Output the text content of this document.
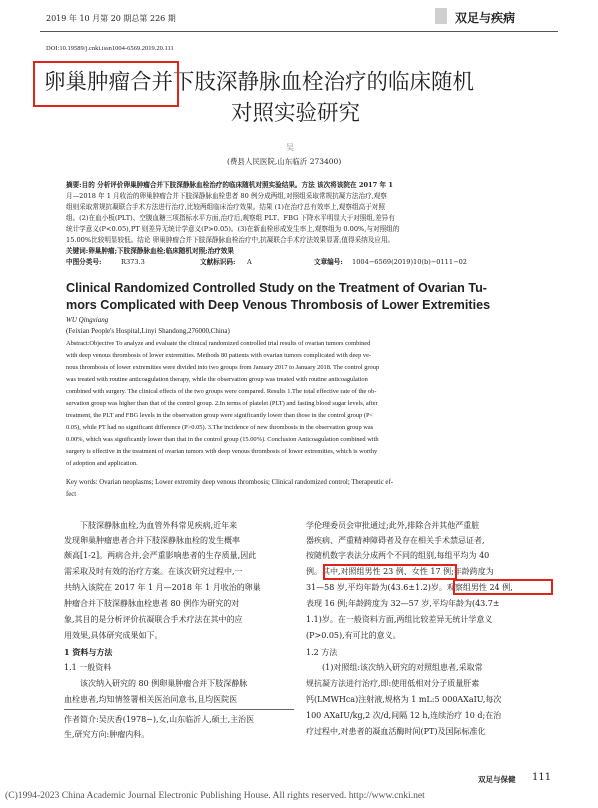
2019 年 10 月第 20 期总第 226 期	双足与疾病
DOI:10.19589/j.cnki.issn1004-6569.2019.20.111
卵巢肿瘤合并下肢深静脉血栓治疗的临床随机
对照实验研究
吴
(费县人民医院,山东临沂 273400)
摘要:目的 分析评价卵巢肿瘤合并下肢深静脉血栓治疗的临床随机对照实验结果。方法 该次将该院在 2017 年 1
月—2018 年 1 月收治的卵巢肿瘤合并下肢深静脉血栓患者 80 例分成两组,对照组采取常规抗凝方法治疗,观察
组则采取常规抗凝联合手术方法进行治疗,比较两组临床治疗效果。结果 (1)在治疗总有效率上,观察组高于对照
组。(2)在血小板(PLT)、空腹血糖三项指标水平方面,治疗后,观察组 PLT、FBG 下降水平明显大于对照组,差异有
统计学意义(P<0.05),PT 则差异无统计学意义(P>0.05)。(3)在新血栓形成发生率上,观察组为 0.00%,与对照组的
15.00%比较明显较低。结论 卵巢肿瘤合并下肢深静脉血栓治疗中,抗凝联合手术疗法效果显著,值得采纳及应用。
关键词:卵巢肿瘤;下肢深静脉血栓;临床随机对照;治疗效果
中图分类号:	R373.3	文献标识码: A	文章编号: 1004−6569(2019)10(b)−0111−02
Clinical Randomized Controlled Study on the Treatment of Ovarian Tu-
mors Complicated with Deep Venous Thrombosis of Lower Extremities
WU Qingxiang
(Feixian People's Hospital,Linyi Shandong,276000,China)
Abstract:Objective To analyze and evaluate the clinical randomized controlled trial results of ovarian tumors combined
with deep venous thrombosis of lower extremities. Methods 80 patients with ovarian tumors complicated with deep ve-
nous thrombosis of lower extremities were divided into two groups from January 2017 to January 2018. The control group
was treated with routine anticoagulation therapy, while the observation group was treated with routine anticoagulation
combined with surgery. The clinical effects of the two groups were compared. Results 1.The total effective rate of the ob-
servation group was higher than that of the control group. 2.In terms of platelet (PLT) and fasting blood sugar levels, after
treatment, the PLT and FBG levels in the observation group were significantly lower than those in the control group (P<
0.05), while PT had no significant difference (P>0.05). 3.The incidence of new thrombosis in the observation group was
0.00%, which was significantly lower than that in the control group (15.00%). Conclusion Anticoagulation combined with
surgery is effective in the treatment of ovarian tumors with deep venous thrombosis of lower extremities, which is worthy
of adoption and application.
Key words: Ovarian neoplasms; Lower extremity deep venous thrombosis; Clinical randomized control; Therapeutic ef-
fect
下肢深静脉血栓,为血管外科常见疾病,近年来
发现卵巢肿瘤患者合并下肢深静脉血栓的发生概率
颇高[1-2]。两病合并,会严重影响患者的生存质量,因此
需采取及时有效的治疗方案。在该次研究过程中,一
共纳入该院在 2017 年 1 月—2018 年 1 月收治的卵巢
肿瘤合并下肢深静脉血栓患者 80 例作为研究的对
象,其目的是分析评价抗凝联合手术疗法在其中的应
用效果,具体研究成果如下。
1 资料与方法
1.1 一般资料
该次纳入研究的 80 例卵巢肿瘤合并下肢深静脉
血栓患者,均知情签署相关医治同意书,且均医院医
作者简介:吴庆香(1978−),女,山东临沂人,硕士,主治医
生,研究方向:肿瘤内科。
学伦理委员会审批通过;此外,排除合并其他严重脏
器疾病、严重精神障碍者及存在相关手术禁忌证者,
按随机数字表法分成两个不同的组别,每组平均为 40
例。其中,对照组男性 23 例、女性 17 例;年龄跨度为
31—58 岁,平均年龄为(43.6±1.2)岁。观察组男性 24 例,
表现 16 例;年龄跨度为 32—57 岁,平均年龄为(43.7±
1.1)岁。在一般资料方面,两组比较差异无统计学意义
(P>0.05),有可比的意义。
1.2 方法
(1)对照组:该次纳入研究的对照组患者,采取常
规抗凝方法进行治疗,即:使用低相对分子质量肝素
钙(LMWHca)注射液,规格为 1 mL:5 000AXaIU,每次
100 AXaIU/kg,2 次/d,间隔 12 h,连续治疗 10 d;在治
疗过程中,对患者的凝血活酶时间(PT)及国际标准化
双足与保健 111
(C)1994-2023 China Academic Journal Electronic Publishing House. All rights reserved. http://www.cnki.net
